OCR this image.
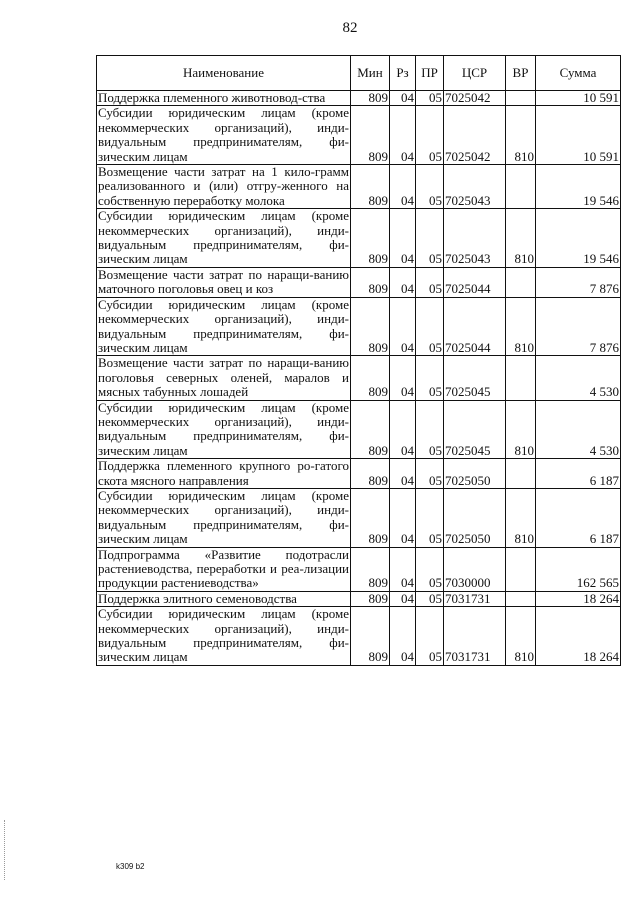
82
Наименование	Мин	Рз	ПР	ЦСР	ВР	Сумма
Поддержка племенного животновод-ства	809	04	05	7025042		10 591
Субсидии юридическим лицам (кроме некоммерческих организаций), инди-видуальным предпринимателям, фи-зическим лицам	809	04	05	7025042	810	10 591
Возмещение части затрат на 1 кило-грамм реализованного и (или) отгру-женного на собственную переработку молока	809	04	05	7025043		19 546
Субсидии юридическим лицам (кроме некоммерческих организаций), инди-видуальным предпринимателям, фи-зическим лицам	809	04	05	7025043	810	19 546
Возмещение части затрат по наращи-ванию маточного поголовья овец и коз	809	04	05	7025044		7 876
Субсидии юридическим лицам (кроме некоммерческих организаций), инди-видуальным предпринимателям, фи-зическим лицам	809	04	05	7025044	810	7 876
Возмещение части затрат по наращи-ванию поголовья северных оленей, маралов и мясных табунных лошадей	809	04	05	7025045		4 530
Субсидии юридическим лицам (кроме некоммерческих организаций), инди-видуальным предпринимателям, фи-зическим лицам	809	04	05	7025045	810	4 530
Поддержка племенного крупного ро-гатого скота мясного направления	809	04	05	7025050		6 187
Субсидии юридическим лицам (кроме некоммерческих организаций), инди-видуальным предпринимателям, фи-зическим лицам	809	04	05	7025050	810	6 187
Подпрограмма «Развитие подотрасли растениеводства, переработки и реа-лизации продукции растениеводства»	809	04	05	7030000		162 565
Поддержка элитного семеноводства	809	04	05	7031731		18 264
Субсидии юридическим лицам (кроме некоммерческих организаций), инди-видуальным предпринимателям, фи-зическим лицам	809	04	05	7031731	810	18 264
k309 b2
